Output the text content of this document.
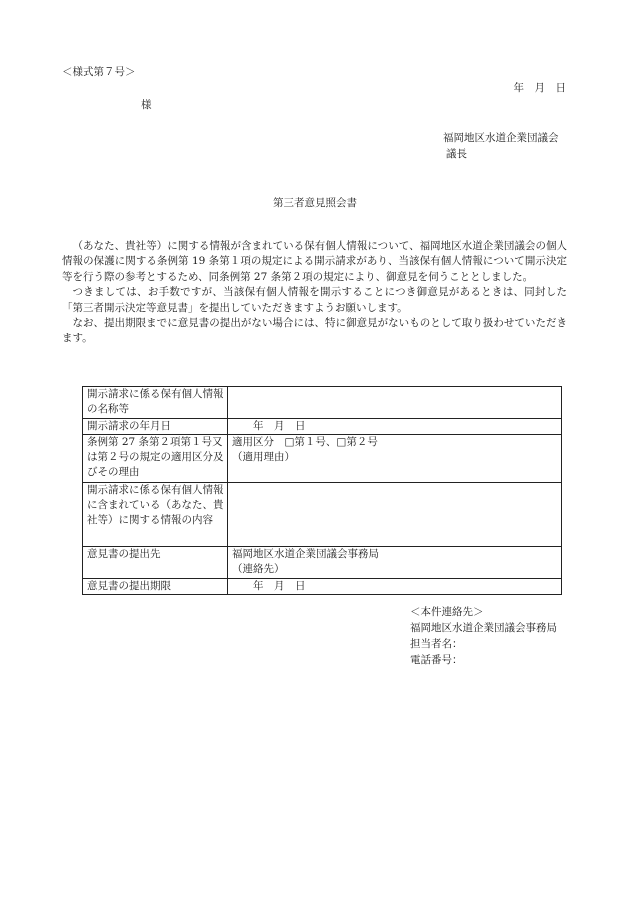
＜様式第７号＞
年　月　日
様
福岡地区水道企業団議会
議長
第三者意見照会書

（あなた、貴社等）に関する情報が含まれている保有個人情報について、福岡地区水道企業団議会の個人情報の保護に関する条例第 19 条第１項の規定による開示請求があり、当該保有個人情報について開示決定等を行う際の参考とするため、同条例第 27 条第２項の規定により、御意見を伺うこととしました。

つきましては、お手数ですが、当該保有個人情報を開示することにつき御意見があるときは、同封した「第三者開示決定等意見書」を提出していただきますようお願いします。

なお、提出期限までに意見書の提出がない場合には、特に御意見がないものとして取り扱わせていただきます。

開示請求に係る保有個人情報の名称等	
開示請求の年月日	　　年　月　日
条例第 27 条第２項第１号又は第２号の規定の適用区分及びその理由	適用区分　□第１号、□第２号
（適用理由）
開示請求に係る保有個人情報に含まれている（あなた、貴社等）に関する情報の内容	
意見書の提出先	福岡地区水道企業団議会事務局
（連絡先）
意見書の提出期限	　　年　月　日
＜本件連絡先＞
福岡地区水道企業団議会事務局
担当者名：
電話番号：
